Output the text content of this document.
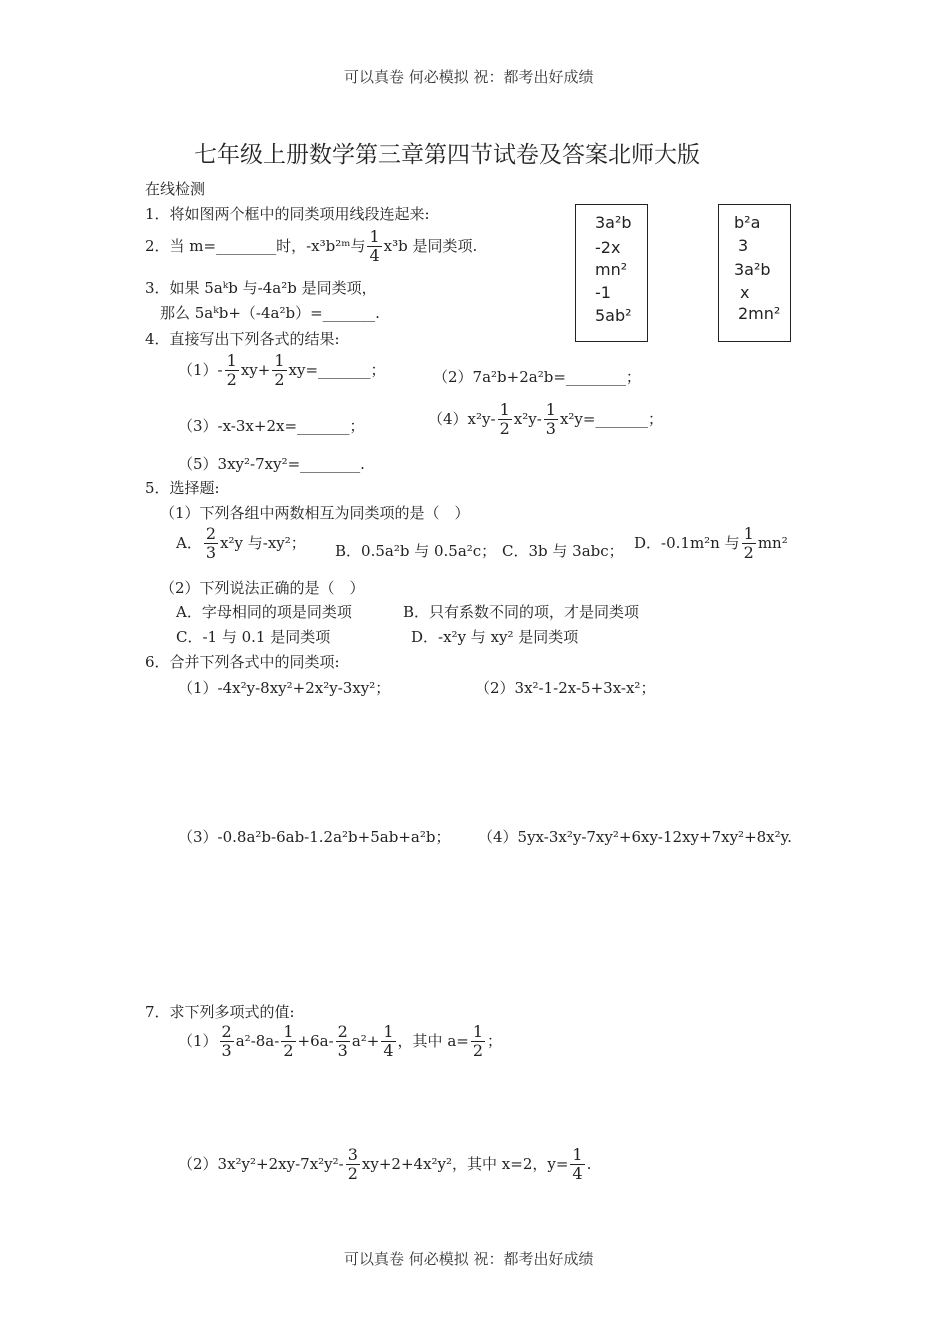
可以真卷 何必模拟 祝：都考出好成绩
七年级上册数学第三章第四节试卷及答案北师大版
在线检测
1．将如图两个框中的同类项用线段连起来:	3a²b
-2x
mn²
-1
5ab²
b²a
3
3a²b
x
2mn²
2．当 m=________时，-x³b²ᵐ与 $\frac{1}{4} x^3b$ 是同类项.
3．如果 5aᵏb 与-4a²b 是同类项，
那么 5aᵏb+（-4a²b）=_______.
4．直接写出下列各式的结果:
$(1)- \frac{1}{2} xy+ \frac{1}{2}$ xy=_______；	（2）7a²b+2a²b=________；
（3）-x-3x+2x=_______；	$(4)x^2y- \frac{1}{2} x^2y- \frac{1}{3}$ x²y=_______；
（5）3xy²-7xy²=________.
5．选择题:
（1）下列各组中两数相互为同类项的是（　）
A． $\frac{2}{3} x^2y$ 与-xy²； B．0.5a²b 与 0.5a²c； C．3b 与 3abc； D．-0.1m²n 与 $\frac{1}{2} mn^2$
（2）下列说法正确的是（　）
A．字母相同的项是同类项	B．只有系数不同的项，才是同类项
C．-1 与 0.1 是同类项	D．-x²y 与 xy² 是同类项
6．合并下列各式中的同类项:
（1）-4x²y-8xy²+2x²y-3xy²；	（2）3x²-1-2x-5+3x-x²；
（3）-0.8a²b-6ab-1.2a²b+5ab+a²b； （4）5yx-3x²y-7xy²+6xy-12xy+7xy²+8x²y.
7．求下列多项式的值:
$(1) \frac{2}{3} a^2-8a- \frac{1}{2} +6a- \frac{2}{3} a^2+ \frac{1}{4}$ ，其中 $a= \frac{1}{2}$ ；
$(2)3x^2y^2+2xy-7x^2y^2- \frac{3}{2} xy+2+4x^2y^2$，其中 x=2，$y= \frac{1}{4}$ .
可以真卷 何必模拟 祝：都考出好成绩
